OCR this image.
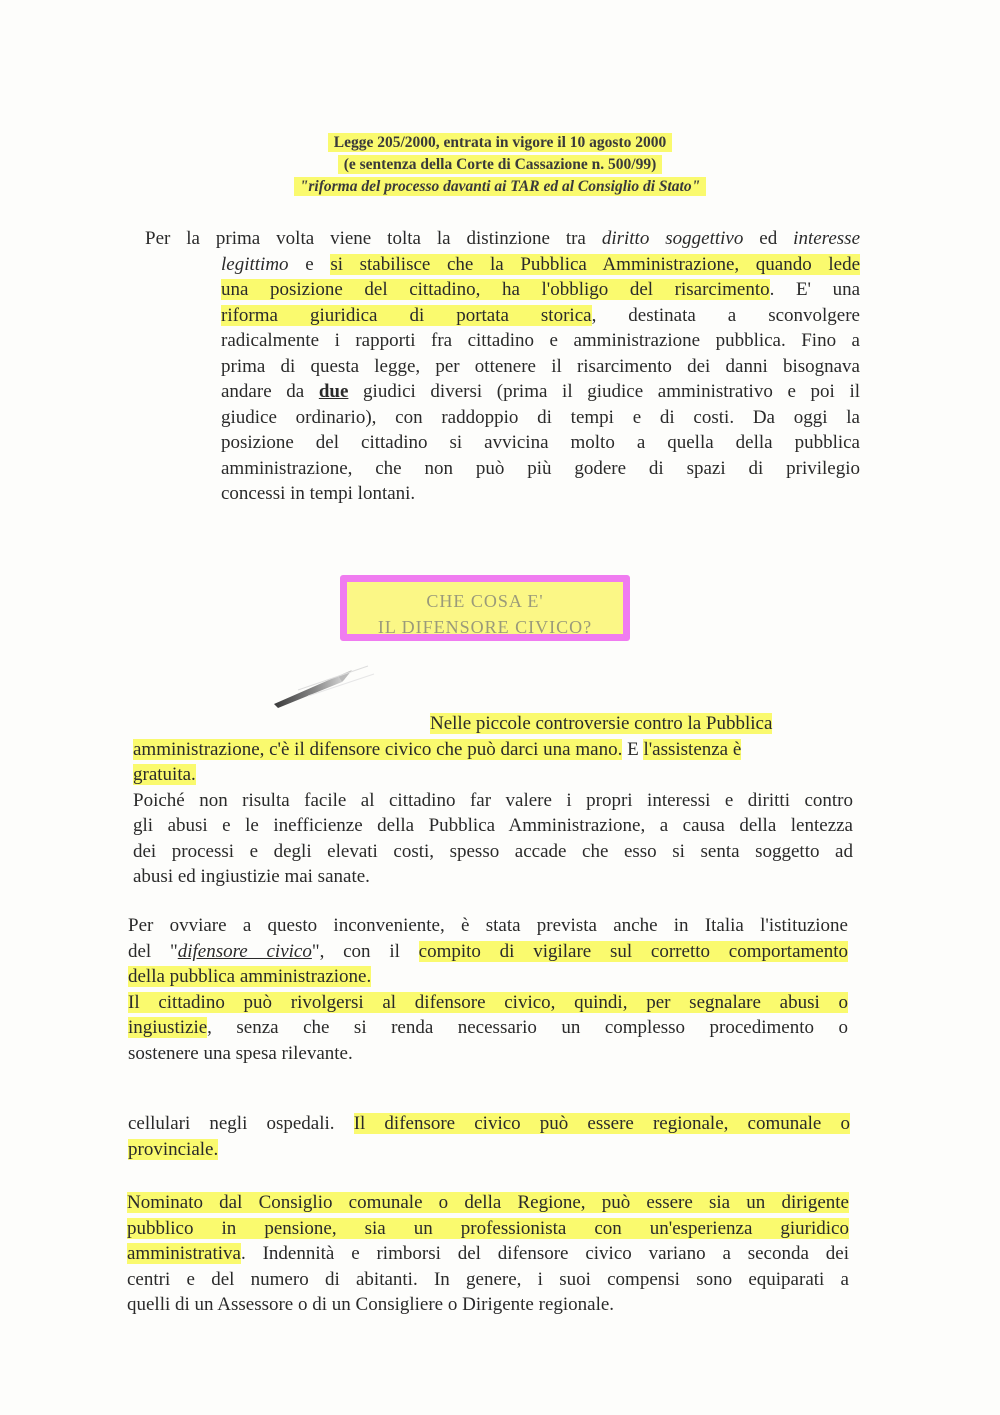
Legge 205/2000, entrata in vigore il 10 agosto 2000
(e sentenza della Corte di Cassazione n. 500/99)
"riforma del processo davanti ai TAR ed al Consiglio di Stato"
Per la prima volta viene tolta la distinzione tra diritto soggettivo ed interesse
legittimo e si stabilisce che la Pubblica Amministrazione, quando lede
una posizione del cittadino, ha l'obbligo del risarcimento. E' una
riforma giuridica di portata storica, destinata a sconvolgere
radicalmente i rapporti fra cittadino e amministrazione pubblica. Fino a
prima di questa legge, per ottenere il risarcimento dei danni bisognava
andare da due giudici diversi (prima il giudice amministrativo e poi il
giudice ordinario), con raddoppio di tempi e di costi. Da oggi la
posizione del cittadino si avvicina molto a quella della pubblica
amministrazione, che non può più godere di spazi di privilegio
concessi in tempi lontani.
CHE COSA E'
IL DIFENSORE CIVICO?
Nelle piccole controversie contro la Pubblica
amministrazione, c'è il difensore civico che può darci una mano. E l'assistenza è
gratuita.
Poiché non risulta facile al cittadino far valere i propri interessi e diritti contro
gli abusi e le inefficienze della Pubblica Amministrazione, a causa della lentezza
dei processi e degli elevati costi, spesso accade che esso si senta soggetto ad
abusi ed ingiustizie mai sanate.
Per ovviare a questo inconveniente, è stata prevista anche in Italia l'istituzione
del "difensore civico", con il compito di vigilare sul corretto comportamento
della pubblica amministrazione.
Il cittadino può rivolgersi al difensore civico, quindi, per segnalare abusi o
ingiustizie, senza che si renda necessario un complesso procedimento o
sostenere una spesa rilevante.
cellulari negli ospedali. Il difensore civico può essere regionale, comunale o
provinciale.
Nominato dal Consiglio comunale o della Regione, può essere sia un dirigente
pubblico in pensione, sia un professionista con un'esperienza giuridico
amministrativa. Indennità e rimborsi del difensore civico variano a seconda dei
centri e del numero di abitanti. In genere, i suoi compensi sono equiparati a
quelli di un Assessore o di un Consigliere o Dirigente regionale.
